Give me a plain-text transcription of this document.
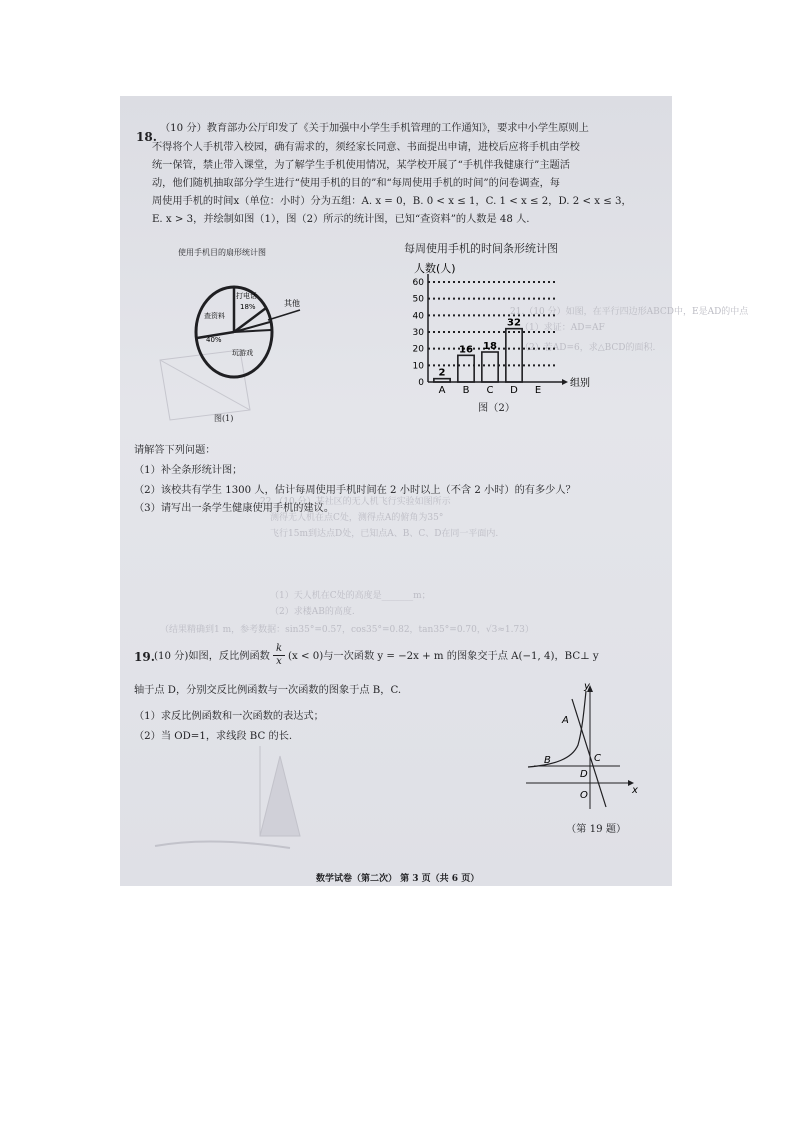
21.（10 分）如图，在平行四边形ABCD中，E是AD的中点
（1）求证：AD=AF
（2）若AD=6，求△BCD的面积.
22.（10 分）某社区的无人机飞行实验如图所示
测得无人机在点C处，测得点A的俯角为35°
飞行15m到达点D处，已知点A、B、C、D在同一平面内.
（1）天人机在C处的高度是_______m；
（2）求楼AB的高度.
（结果精确到1 m，参考数据：sin35°=0.57，cos35°=0.82，tan35°=0.70，√3≈1.73）
18.
（10 分）教育部办公厅印发了《关于加强中小学生手机管理的工作通知》，要求中小学生原则上
不得将个人手机带入校园，确有需求的，须经家长同意、书面提出申请，进校后应将手机由学校
统一保管，禁止带入课堂，为了解学生手机使用情况，某学校开展了“手机伴我健康行”主题活
动，他们随机抽取部分学生进行“使用手机的目的”和“每周使用手机的时间”的问卷调查，每
周使用手机的时间x（单位：小时）分为五组：A. x = 0，B. 0 < x ≤ 1，C. 1 < x ≤ 2，D. 2 < x ≤ 3，
E. x > 3，并绘制如图（1），图（2）所示的统计图，已知“查资料”的人数是 48 人.
使用手机目的扇形统计图
打电话
18%
查资料
40%
玩游戏
其他
图(1)
每周使用手机的时间条形统计图
人数(人)
组别
0
10
20
30
40
50
60
A
2
B
16
C
18
D
32
E
图（2）
请解答下列问题：
（1）补全条形统计图；
（2）该校共有学生 1300 人，估计每周使用手机时间在 2 小时以上（不含 2 小时）的有多少人？
（3）请写出一条学生健康使用手机的建议。
19. (10 分)如图，反比例函数 $\frac{k}{x} (x < 0)$与一次函数 y = −2x + m 的图象交于点 A(−1, 4)，BC⊥ y
轴于点 D，分别交反比例函数与一次函数的图象于点 B，C.
（1）求反比例函数和一次函数的表达式；
（2）当 OD=1，求线段 BC 的长.
y
x
A
B	C
D
O
（第 19 题）
数学试卷（第二次） 第 3 页（共 6 页）
